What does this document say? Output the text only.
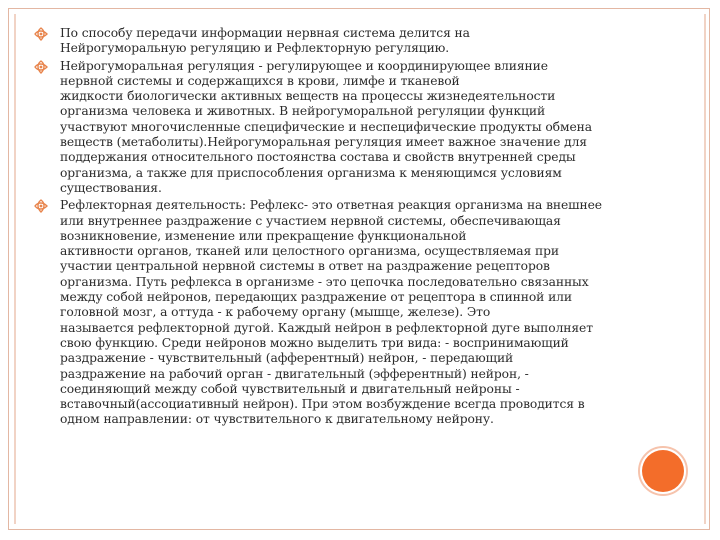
По способу передачи информации нервная система делится на
Нейрогуморальную регуляцию и Рефлекторную регуляцию.
Нейрогуморальная регуляция - регулирующее и координирующее влияние
нервной системы и содержащихся в крови, лимфе и тканевой
жидкости биологически активных веществ на процессы жизнедеятельности
организма человека и животных. В нейрогуморальной регуляции функций
участвуют многочисленные специфические и неспецифические продукты обмена
веществ (метаболиты).Нейрогуморальная регуляция имеет важное значение для
поддержания относительного постоянства состава и свойств внутренней среды
организма, а также для приспособления организма к меняющимся условиям
существования.
Рефлекторная деятельность: Рефлекс- это ответная реакция организма на внешнее
или внутреннее раздражение с участием нервной системы, обеспечивающая
возникновение, изменение или прекращение функциональной
активности органов, тканей или целостного организма, осуществляемая при
участии центральной нервной системы в ответ на раздражение рецепторов
организма. Путь рефлекса в организме - это цепочка последовательно связанных
между собой нейронов, передающих раздражение от рецептора в спинной или
головной мозг, а оттуда - к рабочему органу (мышце, железе). Это
называется рефлекторной дугой. Каждый нейрон в рефлекторной дуге выполняет
свою функцию. Среди нейронов можно выделить три вида: - воспринимающий
раздражение - чувствительный (афферентный) нейрон, - передающий
раздражение на рабочий орган - двигательный (эфферентный) нейрон, -
соединяющий между собой чувствительный и двигательный нейроны -
вставочный(ассоциативный нейрон). При этом возбуждение всегда проводится в
одном направлении: от чувствительного к двигательному нейрону.
